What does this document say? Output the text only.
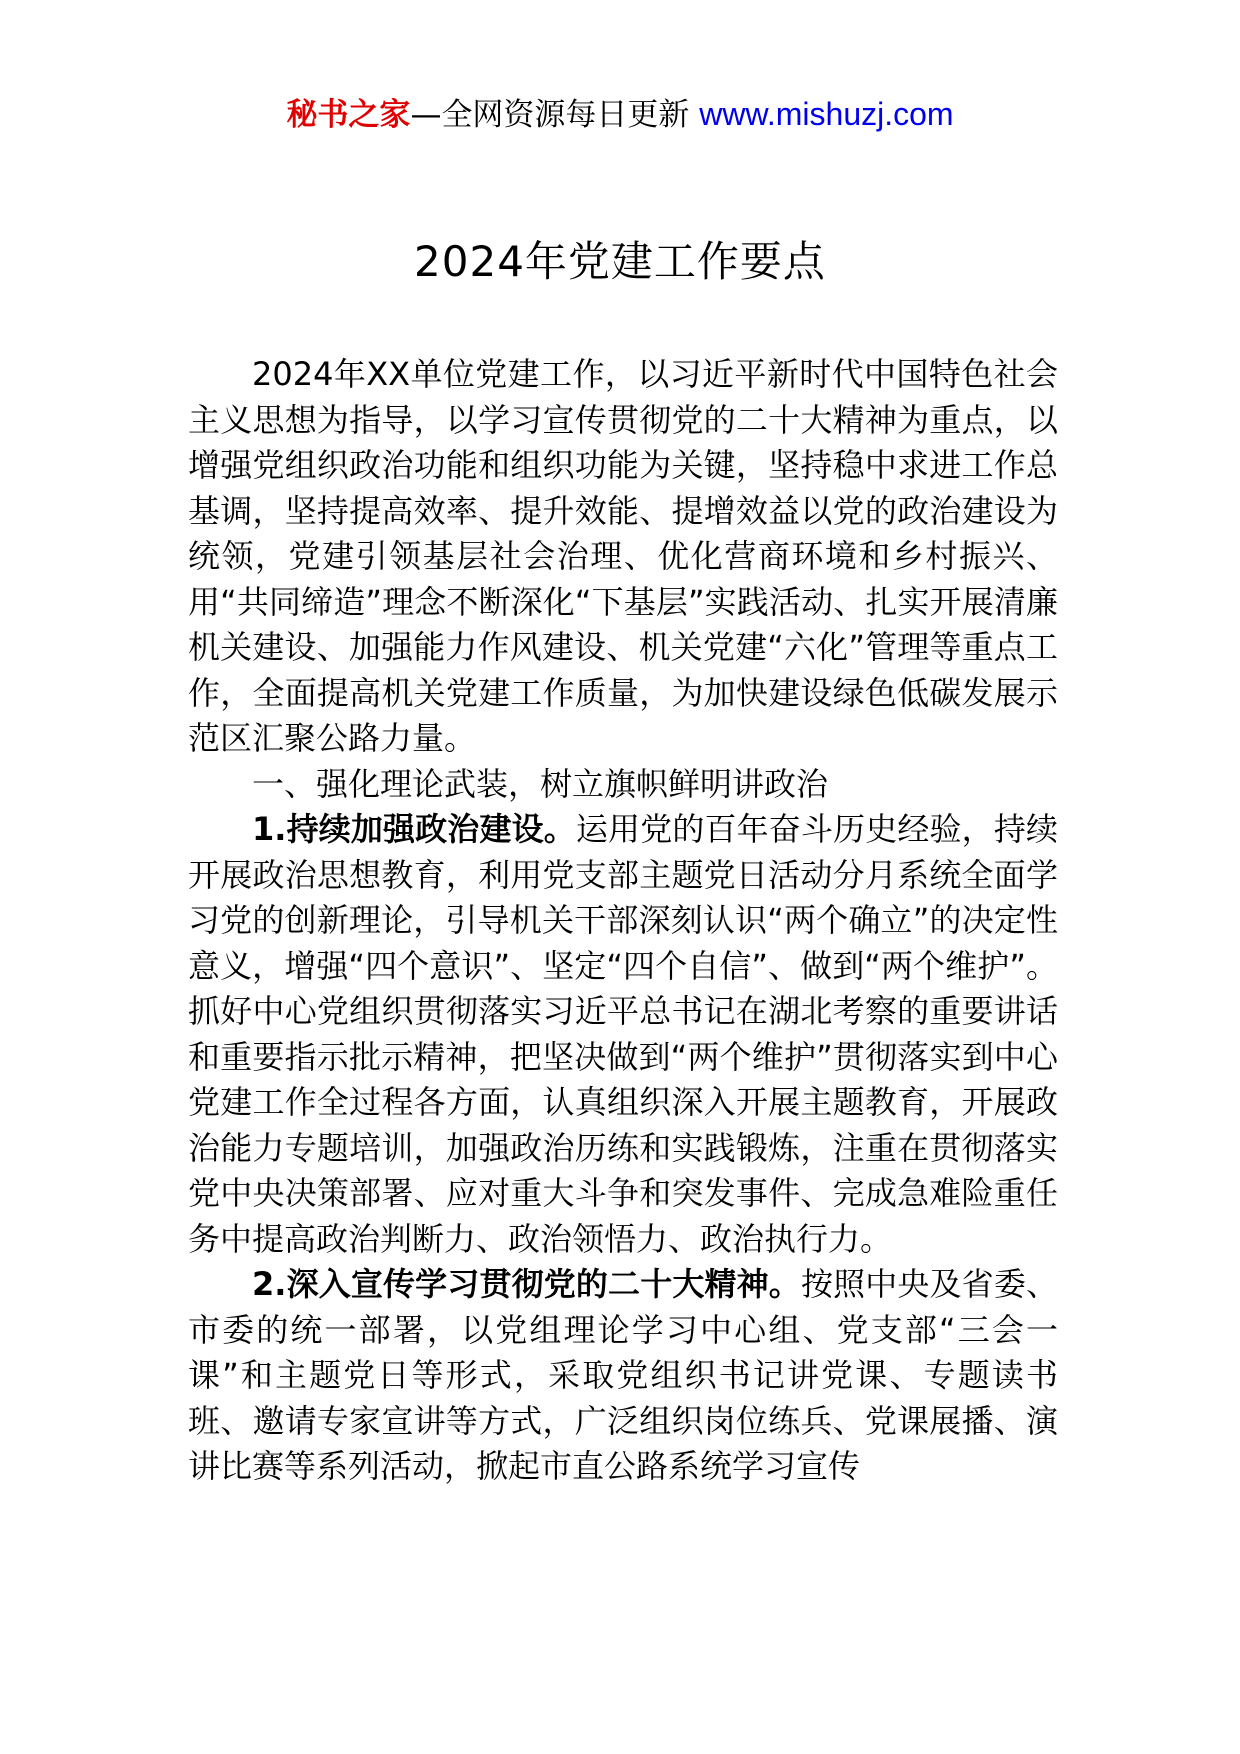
秘书之家—全网资源每日更新 www.mishuzj.com
2024年党建工作要点

2024年XX单位党建工作，以习近平新时代中国特色社会主义思想为指导，以学习宣传贯彻党的二十大精神为重点，以增强党组织政治功能和组织功能为关键，坚持稳中求进工作总基调，坚持提高效率、提升效能、提增效益以党的政治建设为统领，党建引领基层社会治理、优化营商环境和乡村振兴、用“共同缔造”理念不断深化“下基层”实践活动、扎实开展清廉机关建设、加强能力作风建设、机关党建“六化”管理等重点工作，全面提高机关党建工作质量，为加快建设绿色低碳发展示范区汇聚公路力量。

一、强化理论武装，树立旗帜鲜明讲政治

1.持续加强政治建设。运用党的百年奋斗历史经验，持续开展政治思想教育，利用党支部主题党日活动分月系统全面学习党的创新理论，引导机关干部深刻认识“两个确立”的决定性意义，增强“四个意识”、坚定“四个自信”、做到“两个维护”。抓好中心党组织贯彻落实习近平总书记在湖北考察的重要讲话和重要指示批示精神，把坚决做到“两个维护”贯彻落实到中心党建工作全过程各方面，认真组织深入开展主题教育，开展政治能力专题培训，加强政治历练和实践锻炼，注重在贯彻落实党中央决策部署、应对重大斗争和突发事件、完成急难险重任务中提高政治判断力、政治领悟力、政治执行力。

2.深入宣传学习贯彻党的二十大精神。按照中央及省委、市委的统一部署，以党组理论学习中心组、党支部“三会一课”和主题党日等形式，采取党组织书记讲党课、专题读书班、邀请专家宣讲等方式，广泛组织岗位练兵、党课展播、演讲比赛等系列活动，掀起市直公路系统学习宣传
